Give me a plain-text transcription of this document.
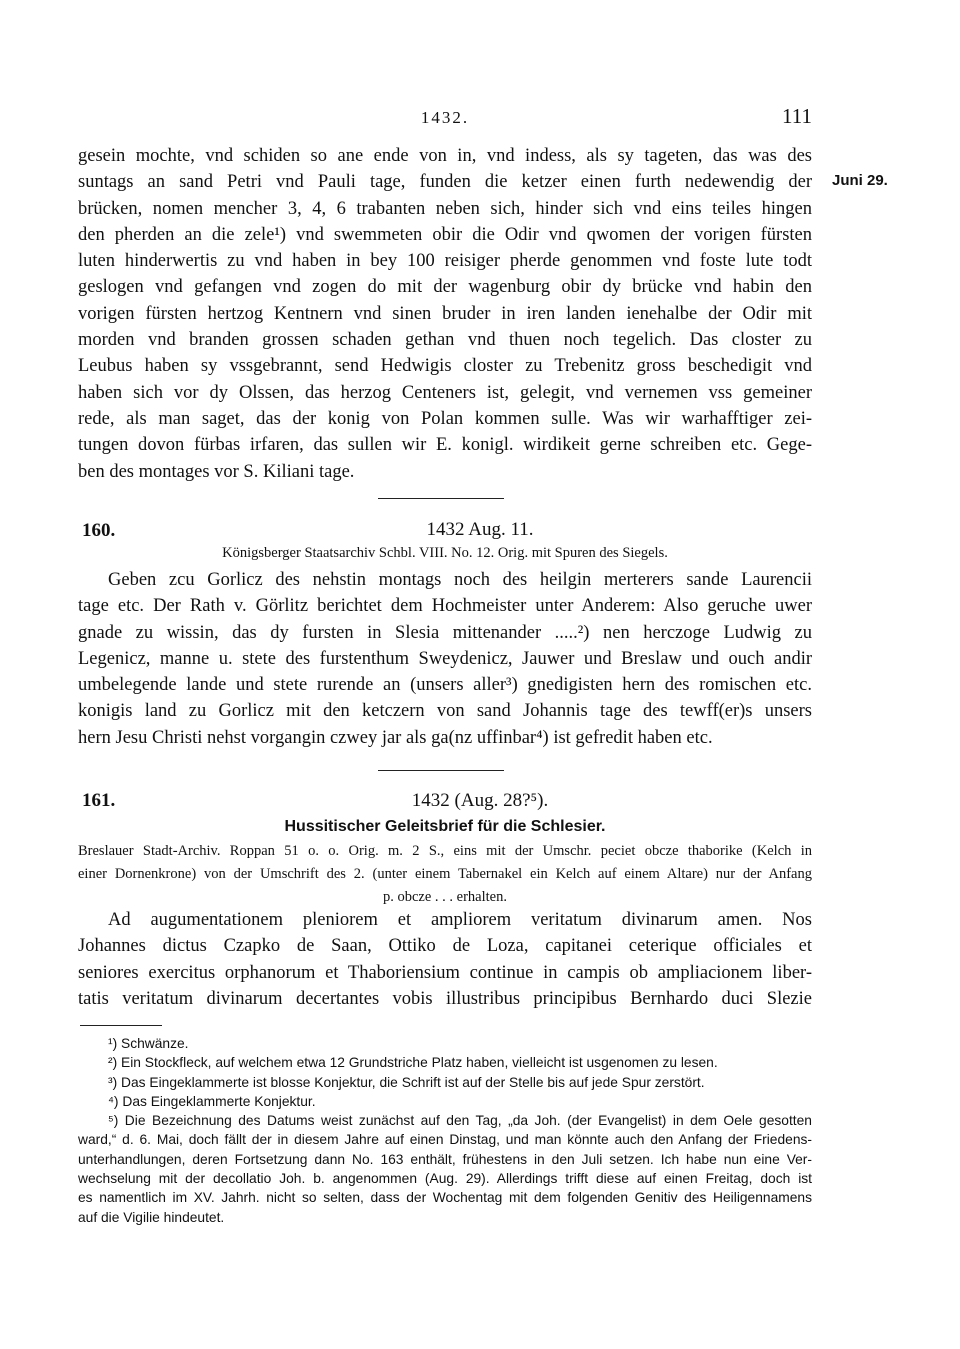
1432.	111
Juni 29.
gesein mochte, vnd schiden so ane ende von in, vnd indess, als sy tageten, das was des
suntags an sand Petri vnd Pauli tage, funden die ketzer einen furth nedewendig der
brücken, nomen mencher 3, 4, 6 trabanten neben sich, hinder sich vnd eins teiles hingen
den pherden an die zele¹) vnd swemmeten obir die Odir vnd qwomen der vorigen fürsten
luten hinderwertis zu vnd haben in bey 100 reisiger pherde genommen vnd foste lute todt
geslogen vnd gefangen vnd zogen do mit der wagenburg obir dy brücke vnd habin den
vorigen fürsten hertzog Kentnern vnd sinen bruder in iren landen ienehalbe der Odir mit
morden vnd branden grossen schaden gethan vnd thuen noch tegelich. Das closter zu
Leubus haben sy vssgebrannt, send Hedwigis closter zu Trebenitz gross beschedigit vnd
haben sich vor dy Olssen, das herzog Centeners ist, gelegit, vnd vernemen vss gemeiner
rede, als man saget, das der konig von Polan kommen sulle. Was wir warhafftiger zei-
tungen dovon fürbas irfaren, das sullen wir E. konigl. wirdikeit gerne schreiben etc. Gege-
ben des montages vor S. Kiliani tage.
160.	1432 Aug. 11.
Königsberger Staatsarchiv Schbl. VIII. No. 12. Orig. mit Spuren des Siegels.
Geben zcu Gorlicz des nehstin montags noch des heilgin merterers sande Laurencii
tage etc. Der Rath v. Görlitz berichtet dem Hochmeister unter Anderem: Also geruche uwer
gnade zu wissin, das dy fursten in Slesia mittenander .....²) nen herczoge Ludwig zu
Legenicz, manne u. stete des furstenthum Sweydenicz, Jauwer und Breslaw und ouch andir
umbelegende lande und stete rurende an (unsers aller³) gnedigisten hern des romischen etc.
konigis land zu Gorlicz mit den ketczern von sand Johannis tage des tewff(er)s unsers
hern Jesu Christi nehst vorgangin czwey jar als ga(nz uffinbar⁴) ist gefredit haben etc.
161.	1432 (Aug. 28?⁵).
Hussitischer Geleitsbrief für die Schlesier.
Breslauer Stadt-Archiv. Roppan 51 o. o. Orig. m. 2 S., eins mit der Umschr. peciet obcze thaborike (Kelch in
einer Dornenkrone) von der Umschrift des 2. (unter einem Tabernakel ein Kelch auf einem Altare) nur der Anfang
p. obcze . . . erhalten.
Ad augumentationem pleniorem et ampliorem veritatum divinarum amen. Nos
Johannes dictus Czapko de Saan, Ottiko de Loza, capitanei ceterique officiales et
seniores exercitus orphanorum et Thaboriensium continue in campis ob ampliacionem liber-
tatis veritatum divinarum decertantes vobis illustribus principibus Bernhardo duci Slezie
¹) Schwänze.
²) Ein Stockfleck, auf welchem etwa 12 Grundstriche Platz haben, vielleicht ist usgenomen zu lesen.
³) Das Eingeklammerte ist blosse Konjektur, die Schrift ist auf der Stelle bis auf jede Spur zerstört.
⁴) Das Eingeklammerte Konjektur.
⁵) Die Bezeichnung des Datums weist zunächst auf den Tag, „da Joh. (der Evangelist) in dem Oele gesotten
ward,“ d. 6. Mai, doch fällt der in diesem Jahre auf einen Dinstag, und man könnte auch den Anfang der Friedens-
unterhandlungen, deren Fortsetzung dann No. 163 enthält, frühestens in den Juli setzen. Ich habe nun eine Ver-
wechselung mit der decollatio Joh. b. angenommen (Aug. 29). Allerdings trifft diese auf einen Freitag, doch ist
es namentlich im XV. Jahrh. nicht so selten, dass der Wochentag mit dem folgenden Genitiv des Heiligennamens
auf die Vigilie hindeutet.
